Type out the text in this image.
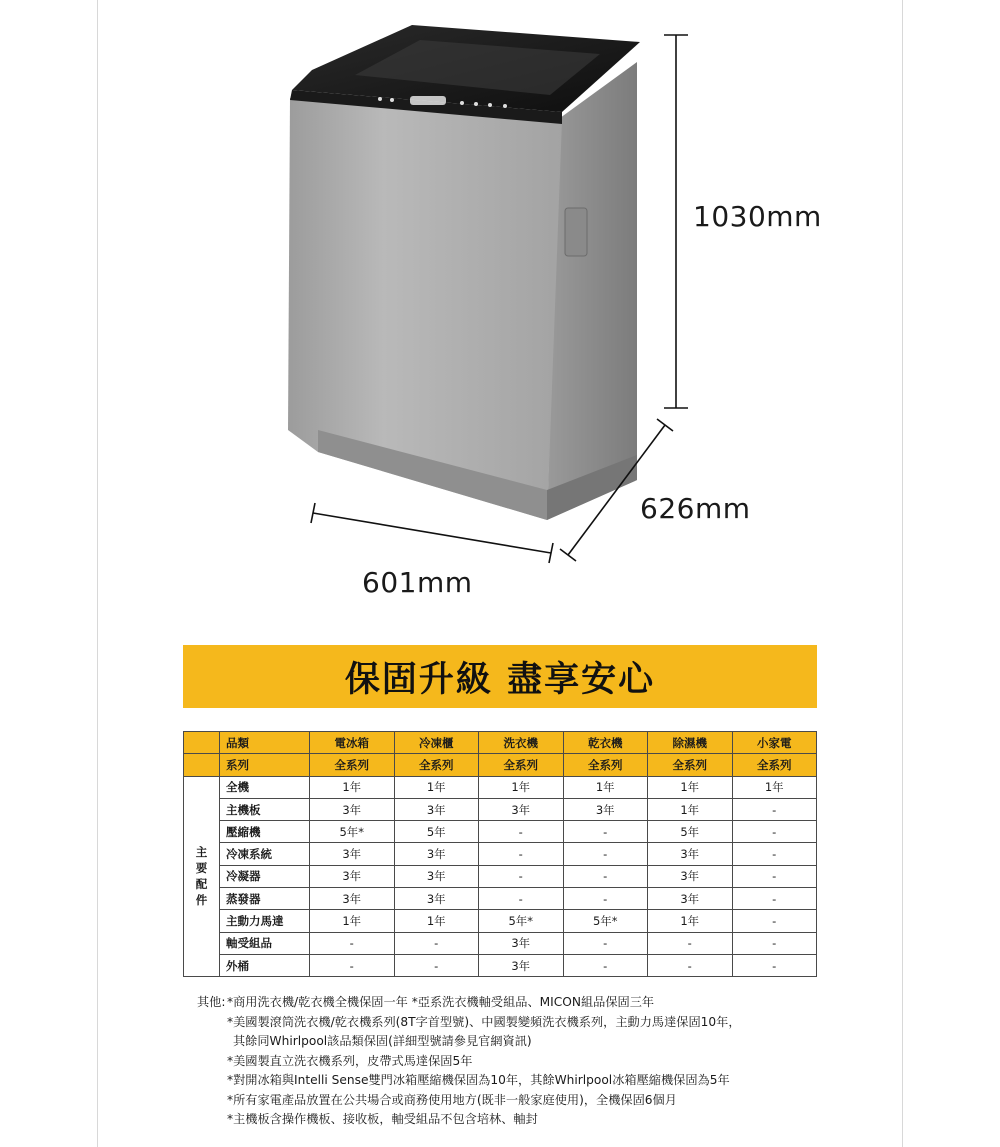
1030mm
626mm
601mm
保固升級 盡享安心
	品類	電冰箱	冷凍櫃	洗衣機	乾衣機	除濕機	小家電
	系列	全系列	全系列	全系列	全系列	全系列	全系列

主
要
配
件	全機	1年	1年	1年	1年	1年	1年
	主機板	3年	3年	3年	3年	1年	-
	壓縮機	5年*	5年	-	-	5年	-
	冷凍系統	3年	3年	-	-	3年	-
	冷凝器	3年	3年	-	-	3年	-
	蒸發器	3年	3年	-	-	3年	-
	主動力馬達	1年	1年	5年*	5年*	1年	-
	軸受組品	-	-	3年	-	-	-
	外桶	-	-	3年	-	-	-
其他: *商用洗衣機/乾衣機全機保固一年 *亞系洗衣機軸受組品、MICON組品保固三年
*美國製滾筒洗衣機/乾衣機系列(8T字首型號)、中國製變頻洗衣機系列，主動力馬達保固10年，
其餘同Whirlpool該品類保固(詳細型號請參見官網資訊)
*美國製直立洗衣機系列，皮帶式馬達保固5年
*對開冰箱與Intelli Sense雙門冰箱壓縮機保固為10年，其餘Whirlpool冰箱壓縮機保固為5年
*所有家電產品放置在公共場合或商務使用地方(既非一般家庭使用)，全機保固6個月
*主機板含操作機板、接收板，軸受組品不包含培林、軸封
